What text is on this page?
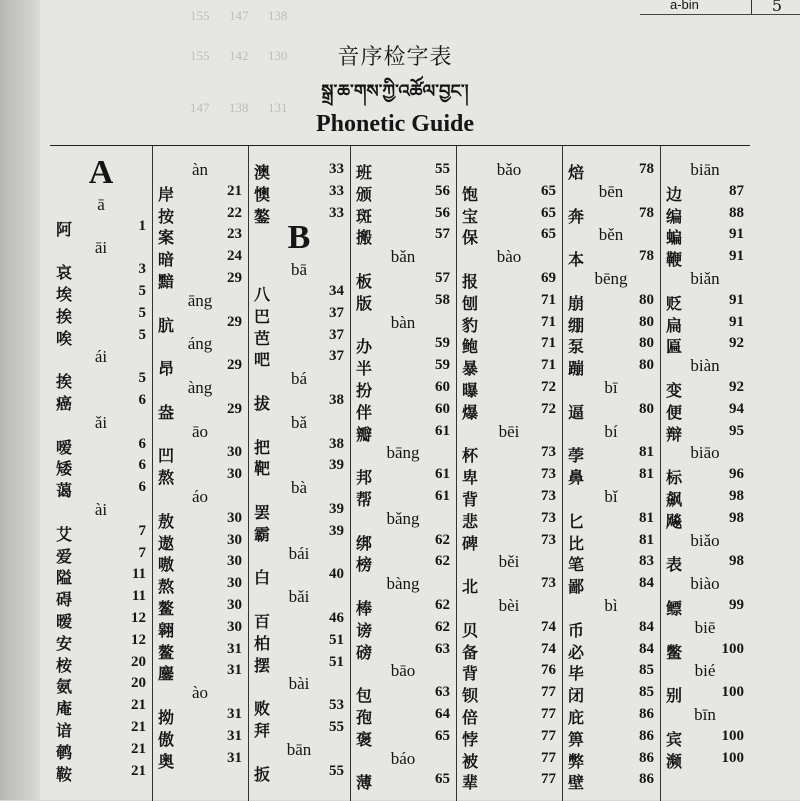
155      147      138
155      142      130
147      138      131
a-bin	5
音序检字表
སྒྲ་ཆ་གས་ཀྱི་འཚོལ་བྱང་།
Phonetic Guide
A
ā
阿	1
āi
哀	3
埃	5
挨	5
唉	5
ái
挨	5
癌	6
ǎi
嗳	6
矮	6
蔼	6
ài
艾	7
爱	7
隘	11
碍	11
暧	12
安	12
桉	20
氨	20
庵	21
谙	21
鹌	21
鞍	21
àn
岸	21
按	22
案	23
暗	24
黯	29
āng
肮	29
áng
昂	29
àng
盎	29
āo
凹	30
熬	30
áo
敖	30
遨	30
嗷	30
熬	30
鳌	30
翱	30
鳌	31
鏖	31
ào
拗	31
傲	31
奥	31
澳	33
懊	33
鏊	33
B
bā
八	34
巴	37
芭	37
吧	37
bá
拔	38
bǎ
把	38
靶	39
bà
罢	39
霸	39
bái
白	40
bǎi
百	46
柏	51
摆	51
bài
败	53
拜	55
bān
扳	55
班	55
颁	56
斑	56
搬	57
bǎn
板	57
版	58
bàn
办	59
半	59
扮	60
伴	60
瓣	61
bāng
邦	61
帮	61
bǎng
绑	62
榜	62
bàng
棒	62
谤	62
磅	63
bāo
包	63
孢	64
褒	65
báo
薄	65
bǎo
饱	65
宝	65
保	65
bào
报	69
刨	71
豹	71
鲍	71
暴	71
曝	72
爆	72
bēi
杯	73
卑	73
背	73
悲	73
碑	73
běi
北	73
bèi
贝	74
备	74
背	76
钡	77
倍	77
悖	77
被	77
辈	77
焙	78
bēn
奔	78
běn
本	78
bēng
崩	80
绷	80
泵	80
蹦	80
bī
逼	80
bí
荸	81
鼻	81
bǐ
匕	81
比	81
笔	83
鄙	84
bì
币	84
必	84
毕	85
闭	85
庇	86
箅	86
弊	86
壁	86
biān
边	87
编	88
蝙	91
鞭	91
biǎn
贬	91
扁	91
匾	92
biàn
变	92
便	94
辩	95
biāo
标	96
飙	98
飚	98
biǎo
表	98
biào
鳔	99
biē
鳖	100
bié
别	100
bīn
宾	100
濒	100
